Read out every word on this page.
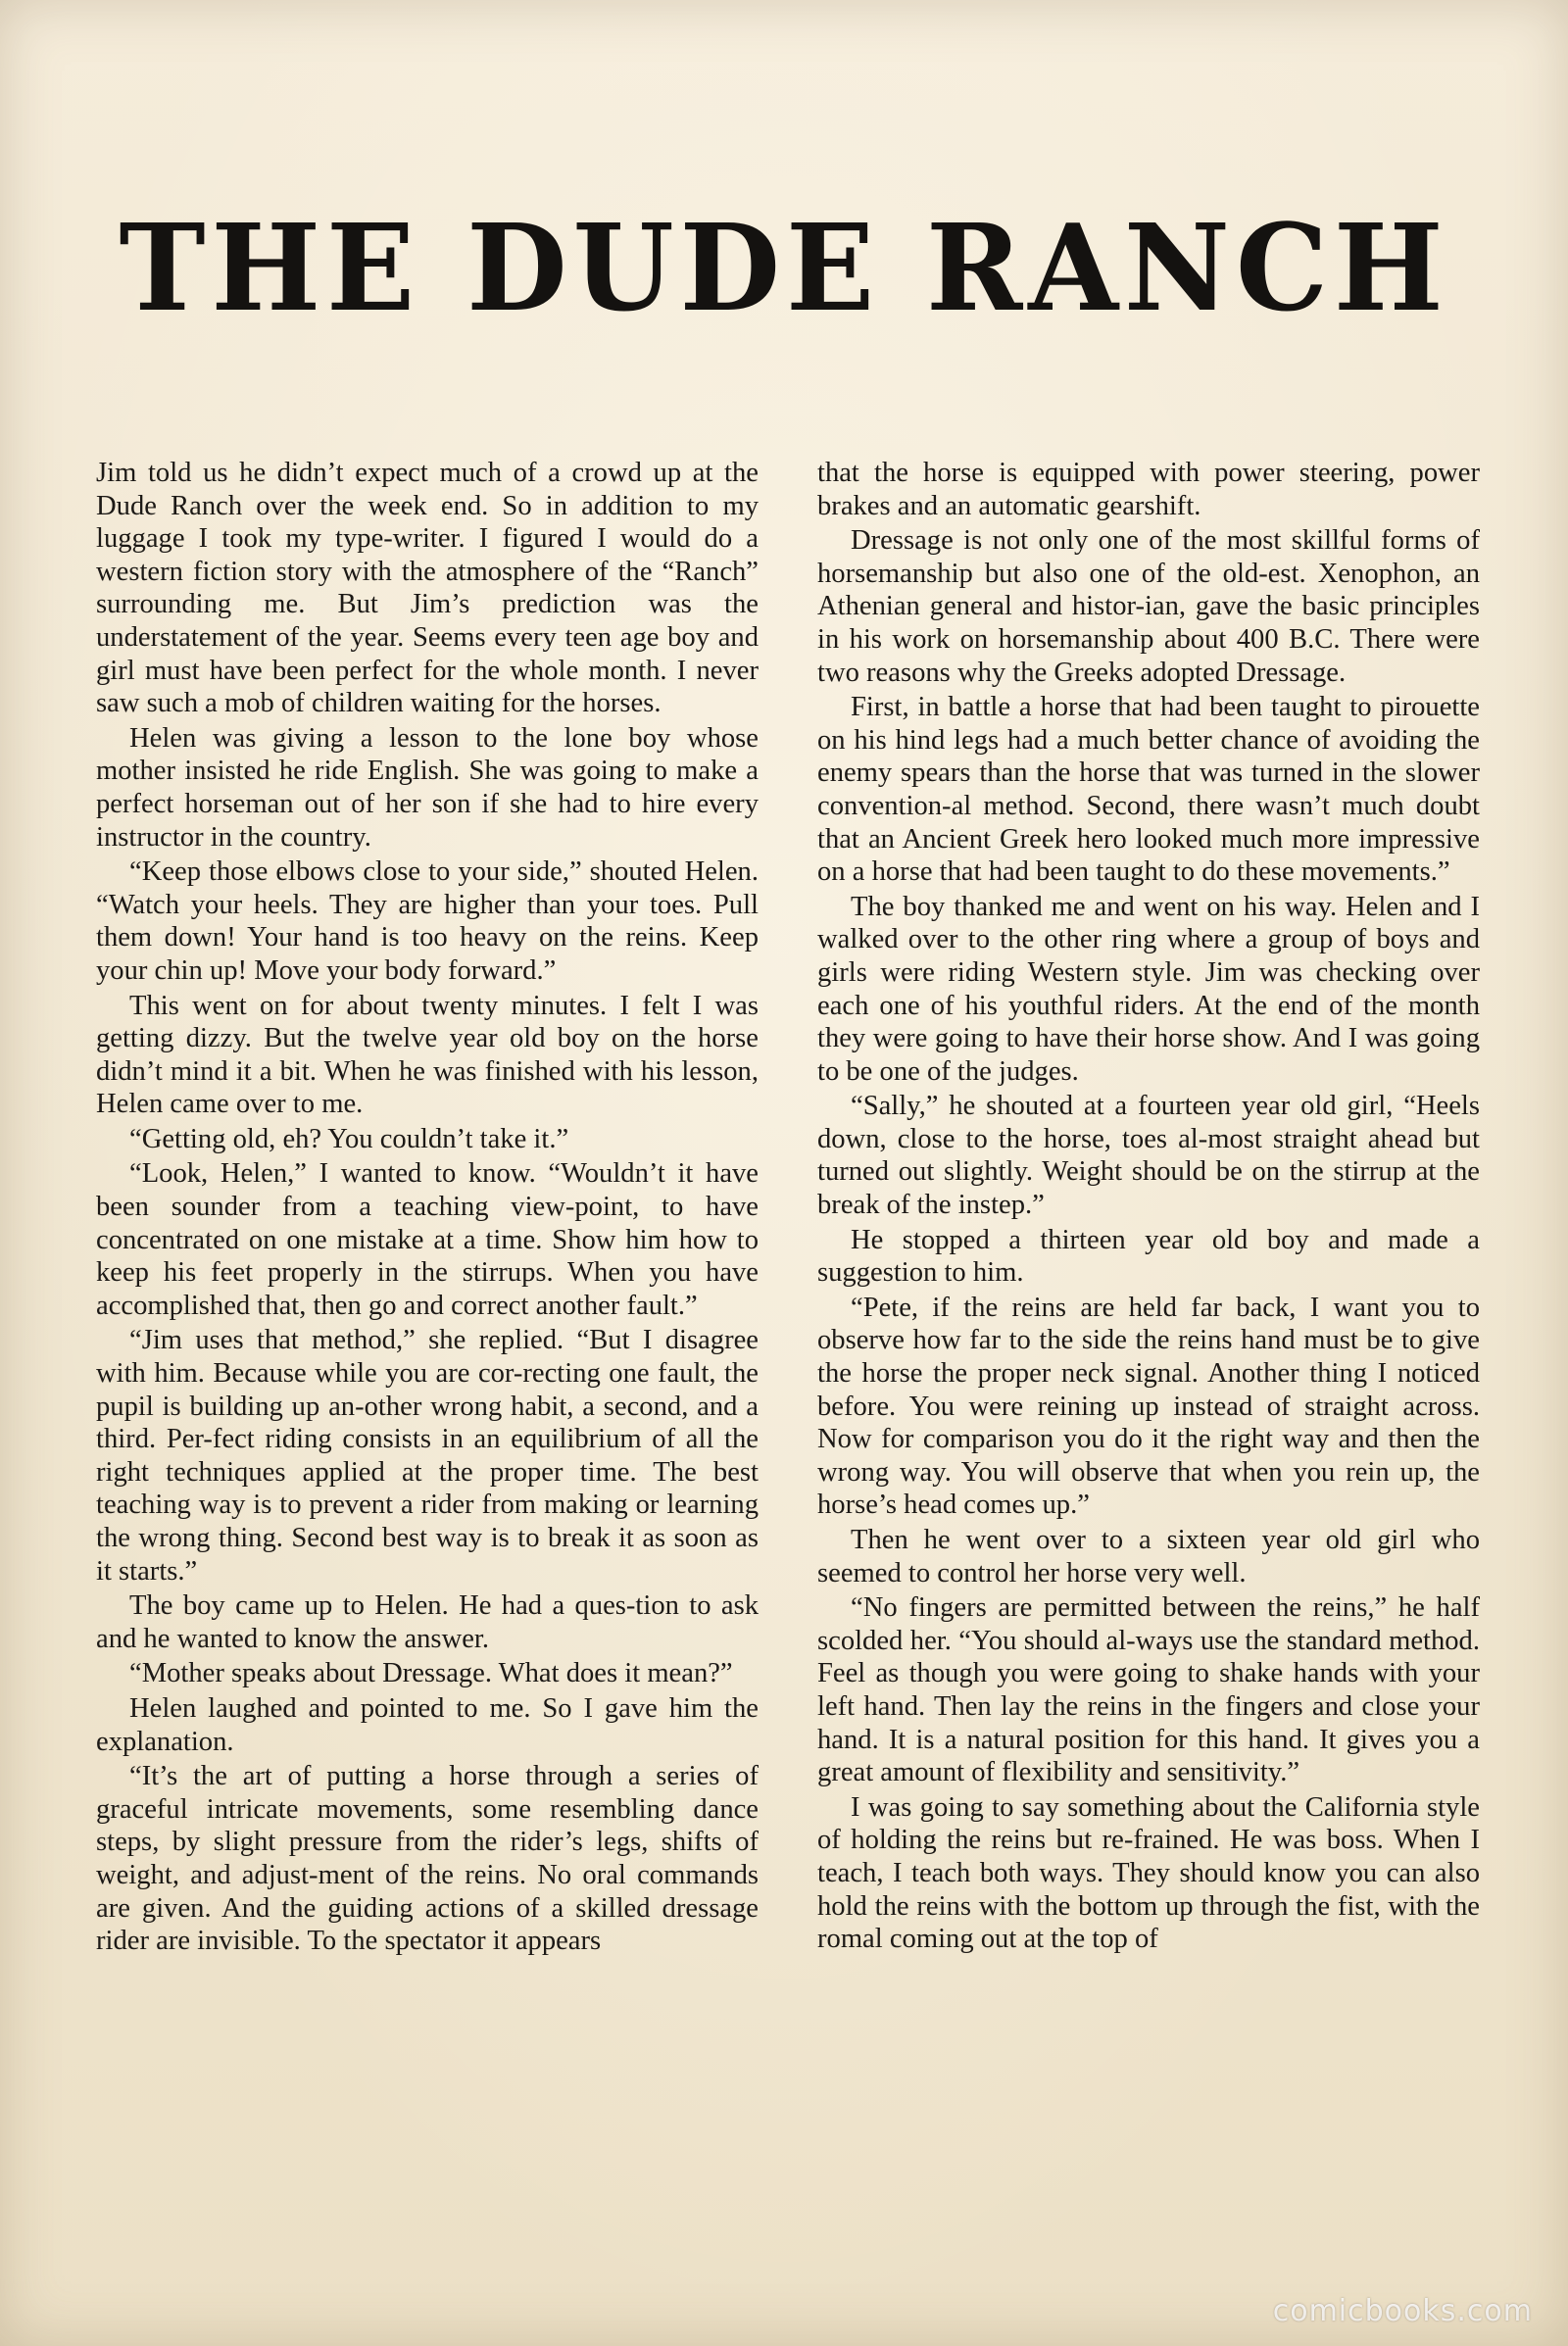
THE DUDE RANCH

Jim told us he didn’t expect much of a crowd up at the Dude Ranch over the week end. So in addition to my luggage I took my type-writer. I figured I would do a western fiction story with the atmosphere of the “Ranch” surrounding me. But Jim’s prediction was the understatement of the year. Seems every teen age boy and girl must have been perfect for the whole month. I never saw such a mob of children waiting for the horses.

Helen was giving a lesson to the lone boy whose mother insisted he ride English. She was going to make a perfect horseman out of her son if she had to hire every instructor in the country.

“Keep those elbows close to your side,” shouted Helen. “Watch your heels. They are higher than your toes. Pull them down! Your hand is too heavy on the reins. Keep your chin up! Move your body forward.”

This went on for about twenty minutes. I felt I was getting dizzy. But the twelve year old boy on the horse didn’t mind it a bit. When he was finished with his lesson, Helen came over to me.

“Getting old, eh? You couldn’t take it.”

“Look, Helen,” I wanted to know. “Wouldn’t it have been sounder from a teaching view-point, to have concentrated on one mistake at a time. Show him how to keep his feet properly in the stirrups. When you have accomplished that, then go and correct another fault.”

“Jim uses that method,” she replied. “But I disagree with him. Because while you are cor-recting one fault, the pupil is building up an-other wrong habit, a second, and a third. Per-fect riding consists in an equilibrium of all the right techniques applied at the proper time. The best teaching way is to prevent a rider from making or learning the wrong thing. Second best way is to break it as soon as it starts.”

The boy came up to Helen. He had a ques-tion to ask and he wanted to know the answer.

“Mother speaks about Dressage. What does it mean?”

Helen laughed and pointed to me. So I gave him the explanation.

“It’s the art of putting a horse through a series of graceful intricate movements, some resembling dance steps, by slight pressure from the rider’s legs, shifts of weight, and adjust-ment of the reins. No oral commands are given. And the guiding actions of a skilled dressage rider are invisible. To the spectator it appears

that the horse is equipped with power steering, power brakes and an automatic gearshift.

Dressage is not only one of the most skillful forms of horsemanship but also one of the old-est. Xenophon, an Athenian general and histor-ian, gave the basic principles in his work on horsemanship about 400 B.C. There were two reasons why the Greeks adopted Dressage.

First, in battle a horse that had been taught to pirouette on his hind legs had a much better chance of avoiding the enemy spears than the horse that was turned in the slower convention-al method. Second, there wasn’t much doubt that an Ancient Greek hero looked much more impressive on a horse that had been taught to do these movements.”

The boy thanked me and went on his way. Helen and I walked over to the other ring where a group of boys and girls were riding Western style. Jim was checking over each one of his youthful riders. At the end of the month they were going to have their horse show. And I was going to be one of the judges.

“Sally,” he shouted at a fourteen year old girl, “Heels down, close to the horse, toes al-most straight ahead but turned out slightly. Weight should be on the stirrup at the break of the instep.”

He stopped a thirteen year old boy and made a suggestion to him.

“Pete, if the reins are held far back, I want you to observe how far to the side the reins hand must be to give the horse the proper neck signal. Another thing I noticed before. You were reining up instead of straight across. Now for comparison you do it the right way and then the wrong way. You will observe that when you rein up, the horse’s head comes up.”

Then he went over to a sixteen year old girl who seemed to control her horse very well.

“No fingers are permitted between the reins,” he half scolded her. “You should al-ways use the standard method. Feel as though you were going to shake hands with your left hand. Then lay the reins in the fingers and close your hand. It is a natural position for this hand. It gives you a great amount of flexibility and sensitivity.”

I was going to say something about the California style of holding the reins but re-frained. He was boss. When I teach, I teach both ways. They should know you can also hold the reins with the bottom up through the fist, with the romal coming out at the top of

comicbooks.com
